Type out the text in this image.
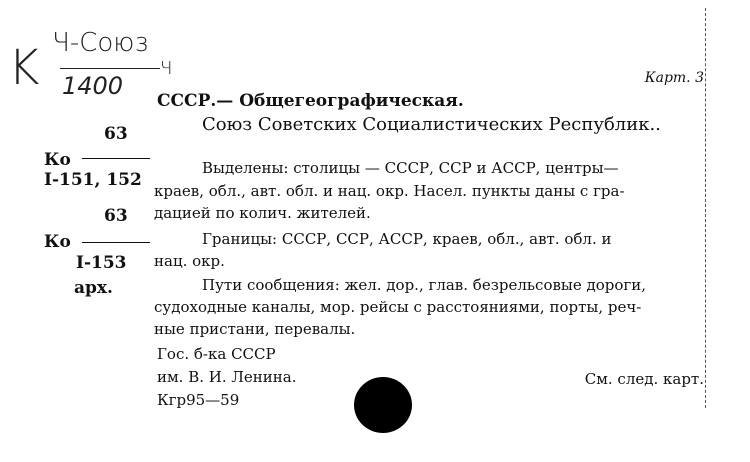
K Ч-Союз
1400
Ч	Карт. 3
63
Ко
I-151, 152
63
Ко
I-153
арх.
СССР.— Общегеографическая.
Союз Советских Социалистических Республик..
Выделены: столицы — СССР, ССР и АССР, центры—
краев, обл., авт. обл. и нац. окр. Насел. пункты даны с гра-
дацией по колич. жителей.
Границы: СССР, ССР, АССР, краев, обл., авт. обл. и
нац. окр.
Пути сообщения: жел. дор., глав. безрельсовые дороги,
судоходные каналы, мор. рейсы с расстояниями, порты, реч-
ные пристани, перевалы.
Гос. б-ка СССР
им. В. И. Ленина.
Кгр95—59
См. след. карт.
